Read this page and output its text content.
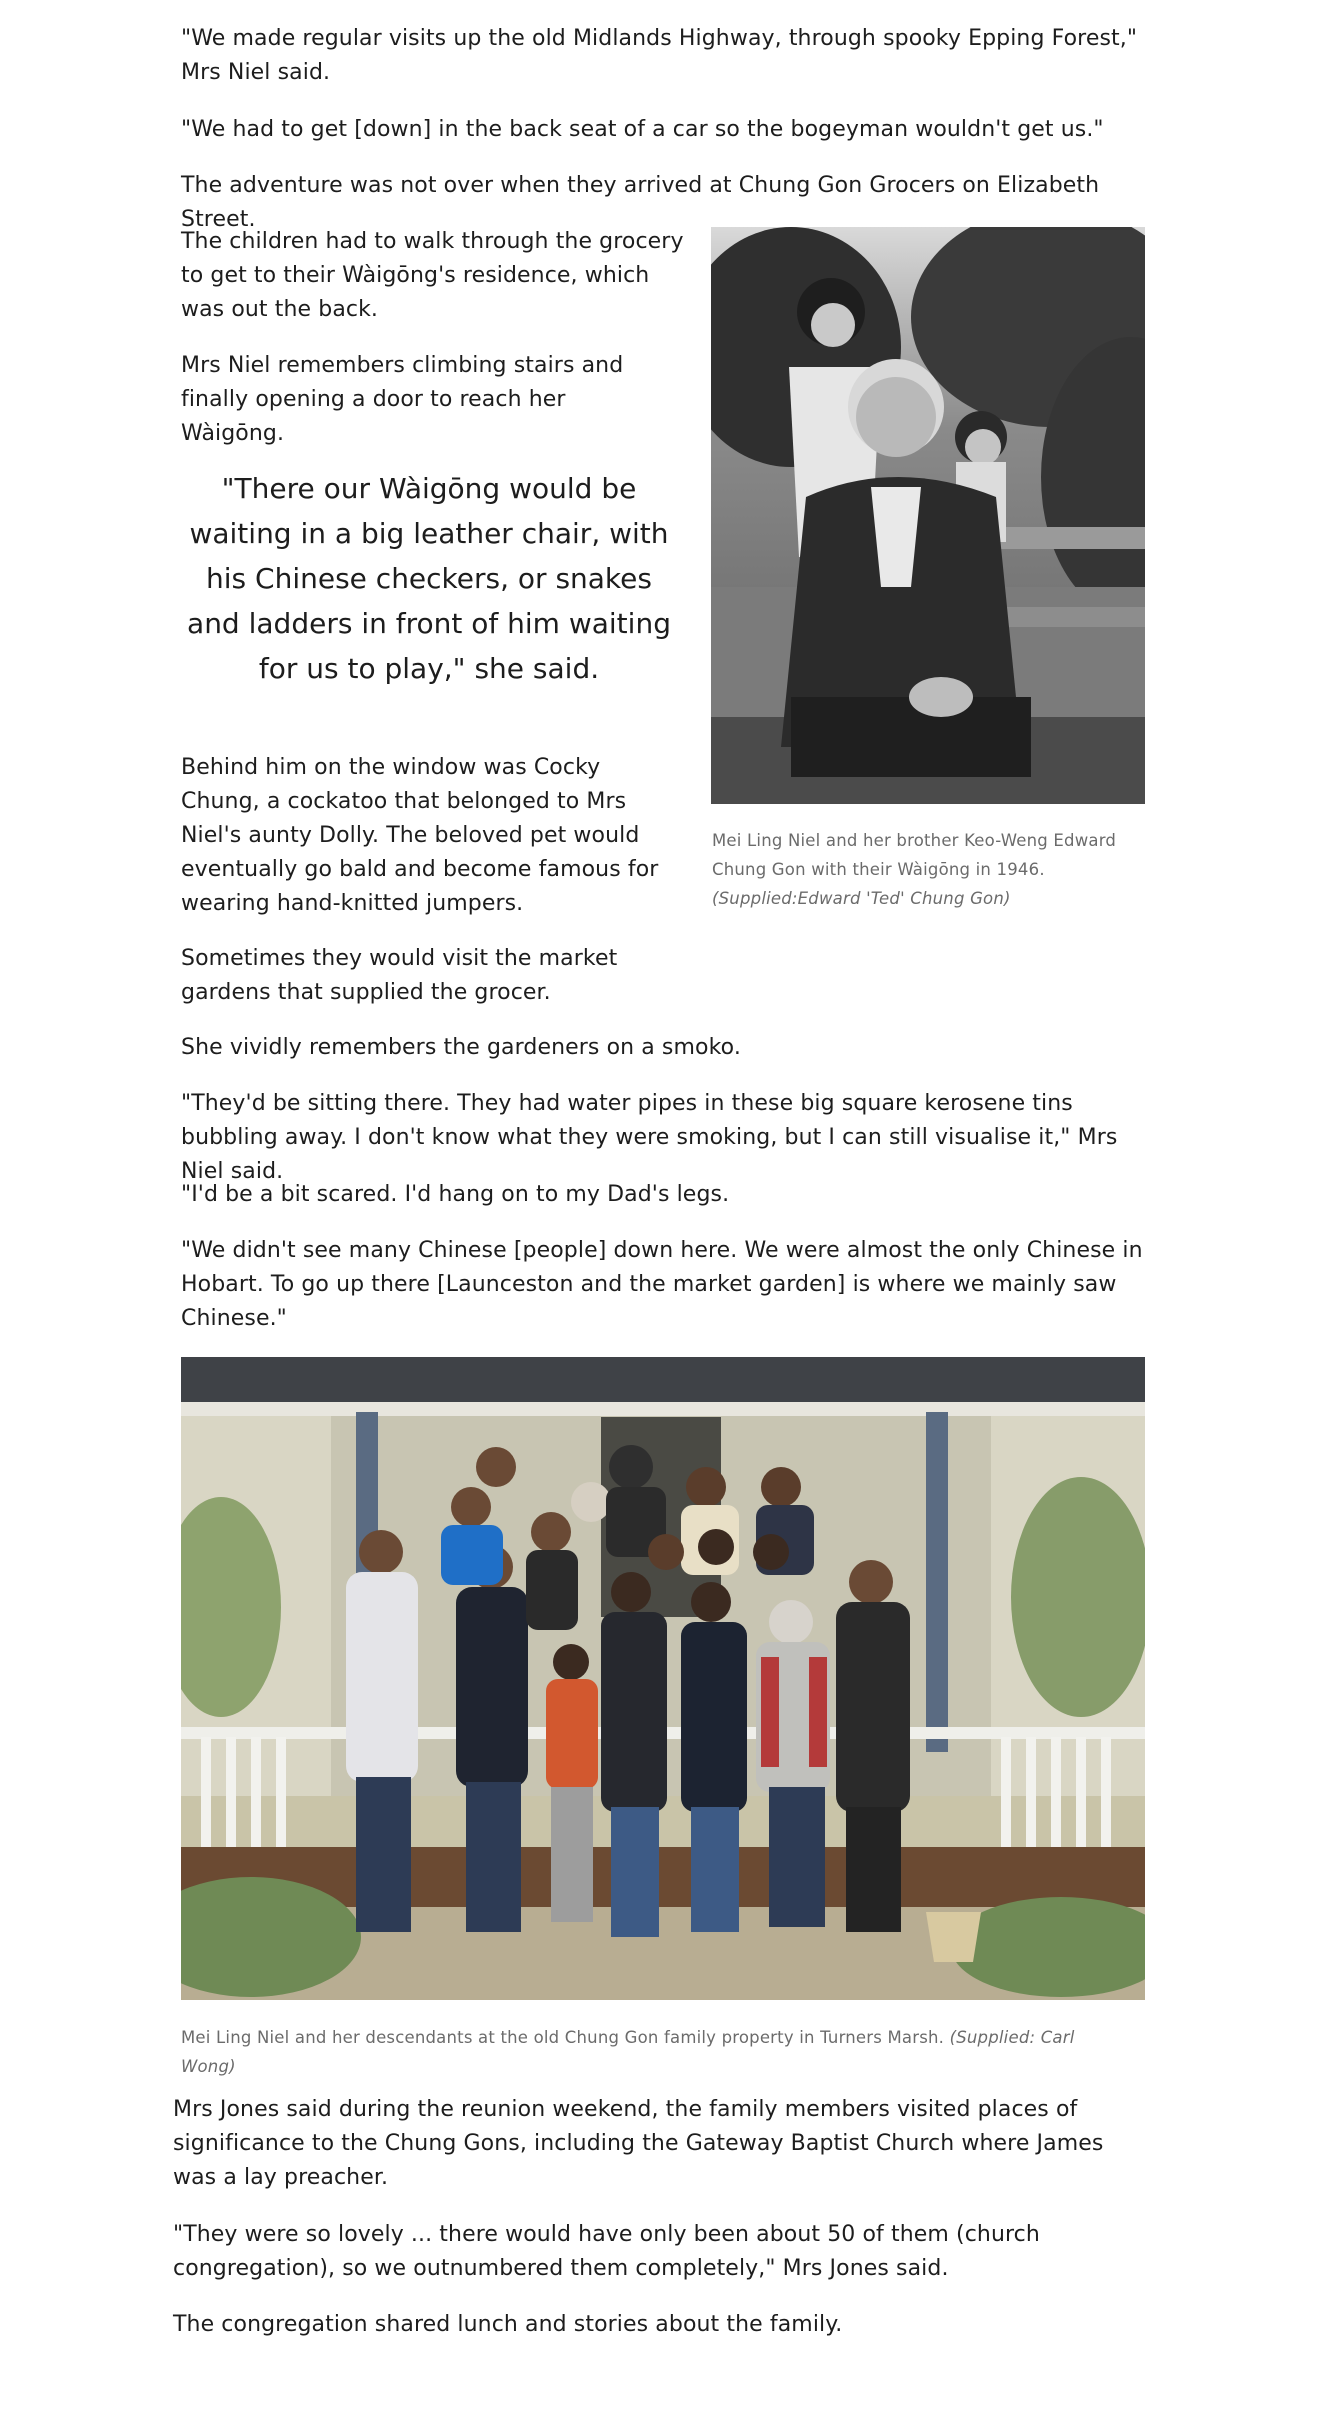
"We made regular visits up the old Midlands Highway, through spooky Epping Forest," Mrs Niel said.

"We had to get [down] in the back seat of a car so the bogeyman wouldn't get us."

The adventure was not over when they arrived at Chung Gon Grocers on Elizabeth Street.

The children had to walk through the grocery to get to their Wàigōng's residence, which was out the back.

Mrs Niel remembers climbing stairs and finally opening a door to reach her Wàigōng.

"There our Wàigōng would be waiting in a big leather chair, with his Chinese checkers, or snakes and ladders in front of him waiting for us to play," she said.

Behind him on the window was Cocky Chung, a cockatoo that belonged to Mrs Niel's aunty Dolly. The beloved pet would eventually go bald and become famous for wearing hand-knitted jumpers.

Sometimes they would visit the market gardens that supplied the grocer.

Mei Ling Niel and her brother Keo-Weng Edward Chung Gon with their Wàigōng in 1946. (Supplied:Edward 'Ted' Chung Gon)

She vividly remembers the gardeners on a smoko.

"They'd be sitting there. They had water pipes in these big square kerosene tins bubbling away. I don't know what they were smoking, but I can still visualise it," Mrs Niel said.

"I'd be a bit scared. I'd hang on to my Dad's legs.

"We didn't see many Chinese [people] down here. We were almost the only Chinese in Hobart. To go up there [Launceston and the market garden] is where we mainly saw Chinese."

Mei Ling Niel and her descendants at the old Chung Gon family property in Turners Marsh. (Supplied: Carl Wong)

Mrs Jones said during the reunion weekend, the family members visited places of significance to the Chung Gons, including the Gateway Baptist Church where James was a lay preacher.

"They were so lovely ... there would have only been about 50 of them (church congregation), so we outnumbered them completely," Mrs Jones said.

The congregation shared lunch and stories about the family.
